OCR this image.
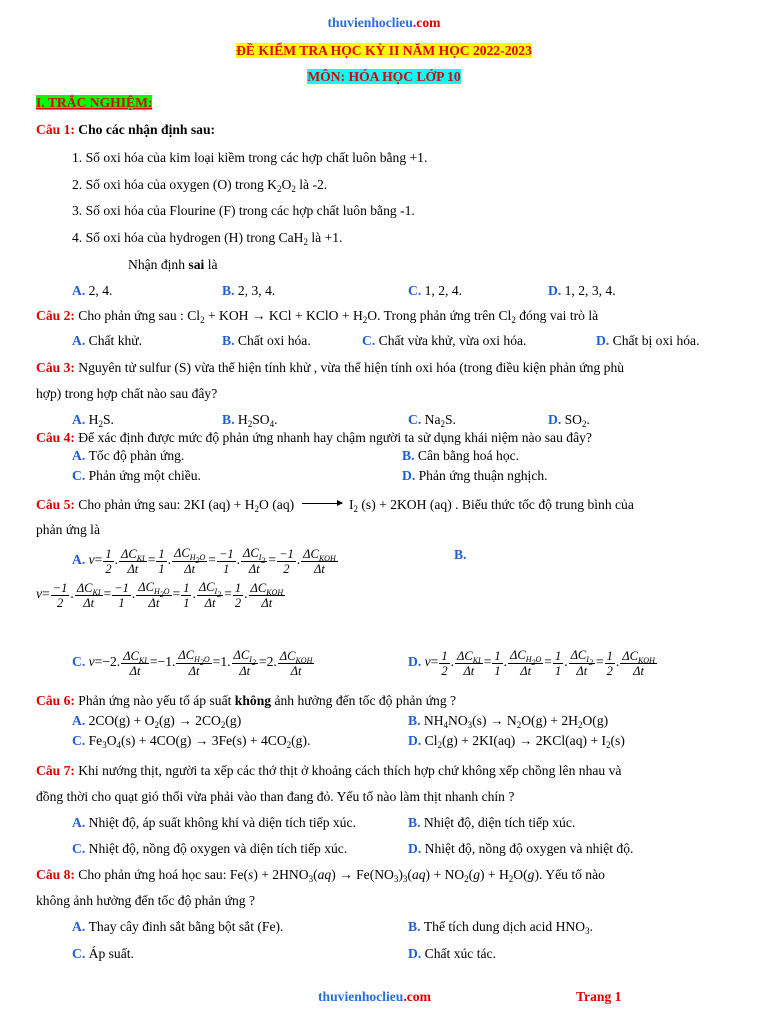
thuvienhoclieu.com
ĐỀ KIỂM TRA HỌC KỲ II NĂM HỌC 2022-2023
MÔN: HÓA HỌC LỚP 10
I. TRẮC NGHIỆM:
Câu 1: Cho các nhận định sau:
1. Số oxi hóa của kim loại kiềm trong các hợp chất luôn bằng +1.
2. Số oxi hóa của oxygen (O) trong $K_2O_2$ là -2.
3. Số oxi hóa của Flourine (F) trong các hợp chất luôn bằng -1.
4. Số oxi hóa của hydrogen (H) trong CaH$_2$ là +1.
Nhận định sai là
A. 2, 4.	B. 2, 3, 4.	C. 1, 2, 4.	D. 1, 2, 3, 4.
Câu 2: Cho phản ứng sau : $Cl_2$ + KOH → KCl + KClO + $H_2O$. Trong phản ứng trên $Cl_2$ đóng vai trò là
A. Chất khử.	B. Chất oxi hóa.	C. Chất vừa khử, vừa oxi hóa.	D. Chất bị oxi hóa.
Câu 3: Nguyên tử sulfur (S) vừa thể hiện tính khử , vừa thể hiện tính oxi hóa (trong điều kiện phản ứng phù
hợp) trong hợp chất nào sau đây?
A. $H_2S$.	B. $H_2SO_4$.	C. $Na_2S$.	D. $SO_2$.
Câu 4: Để xác định được mức độ phản ứng nhanh hay chậm người ta sử dụng khái niệm nào sau đây?
A. Tốc độ phản ứng.	B. Cân bằng hoá học.
C. Phản ứng một chiều.	D. Phản ứng thuận nghịch.
Câu 5: Cho phản ứng sau: 2KI $(aq) + H_2O$ (aq)	$I_2$ (s) + 2KOH (aq) . Biểu thức tốc độ trung bình của
phản ứng là
A. $v= \frac{1}{2}$ . $\frac{\Delta C_{KI}}{\Delta t} = \frac{1}{1}$ . $\frac{\Delta C_{H_2O}}{\Delta t} = \frac{-1}{1}$ . $\frac{\Delta C_{I_2}}{\Delta t} = \frac{-1}{2}$ . $\frac{\Delta C_{KOH}}{\Delta t}$	B.
$v= \frac{-1}{2}$ . $\frac{\Delta C_{KI}}{\Delta t} = \frac{-1}{1}$ . $\frac{\Delta C_{H_2O}}{\Delta t} = \frac{1}{1}$ . $\frac{\Delta C_{I_2}}{\Delta t} = \frac{1}{2}$ . $\frac{\Delta C_{KOH}}{\Delta t}$
C. v=−2. $\frac{\Delta C_{KI}}{\Delta t} =-1$. $\frac{\Delta C_{H_2O}}{\Delta t} =1$. $\frac{\Delta C_{I_2}}{\Delta t} =2$. $\frac{\Delta C_{KOH}}{\Delta t}$	D. $v= \frac{1}{2}$ . $\frac{\Delta C_{KI}}{\Delta t} = \frac{1}{1}$ . $\frac{\Delta C_{H_2O}}{\Delta t} = \frac{1}{1}$ . $\frac{\Delta C_{I_2}}{\Delta t} = \frac{1}{2}$ . $\frac{\Delta C_{KOH}}{\Delta t}$
Câu 6: Phản ứng nào yếu tố áp suất không ảnh hưởng đến tốc độ phản ứng ?
A. $2CO(g) + O_2(g) \to 2CO_2(g)$	B. $NH_4NO_3(s) \to N_2O(g) + 2H_2O(g)$
C. $Fe_3O_4(s) + 4CO(g) \to 3Fe(s) + 4CO_2(g)$.	D. $Cl_2(g) + 2KI(aq) \to 2KCl(aq) + I_2(s)$
Câu 7: Khi nướng thịt, người ta xếp các thớ thịt ở khoảng cách thích hợp chứ không xếp chồng lên nhau và
đồng thời cho quạt gió thổi vừa phải vào than đang đỏ. Yếu tố nào làm thịt nhanh chín ?
A. Nhiệt độ, áp suất không khí và diện tích tiếp xúc.	B. Nhiệt độ, diện tích tiếp xúc.
C. Nhiệt độ, nồng độ oxygen và diện tích tiếp xúc.	D. Nhiệt độ, nồng độ oxygen và nhiệt độ.
Câu 8: Cho phản ứng hoá học sau: $Fe(s) + 2HNO_3(aq) \to Fe(NO_3)_3(aq) + NO_2(g) + H_2O(g)$. Yếu tố nào
không ảnh hưởng đến tốc độ phản ứng ?
A. Thay cây đinh sắt bằng bột sắt (Fe).	B. Thể tích dung dịch acid $HNO_3$.
C. Áp suất.	D. Chất xúc tác.
thuvienhoclieu.com	Trang 1
